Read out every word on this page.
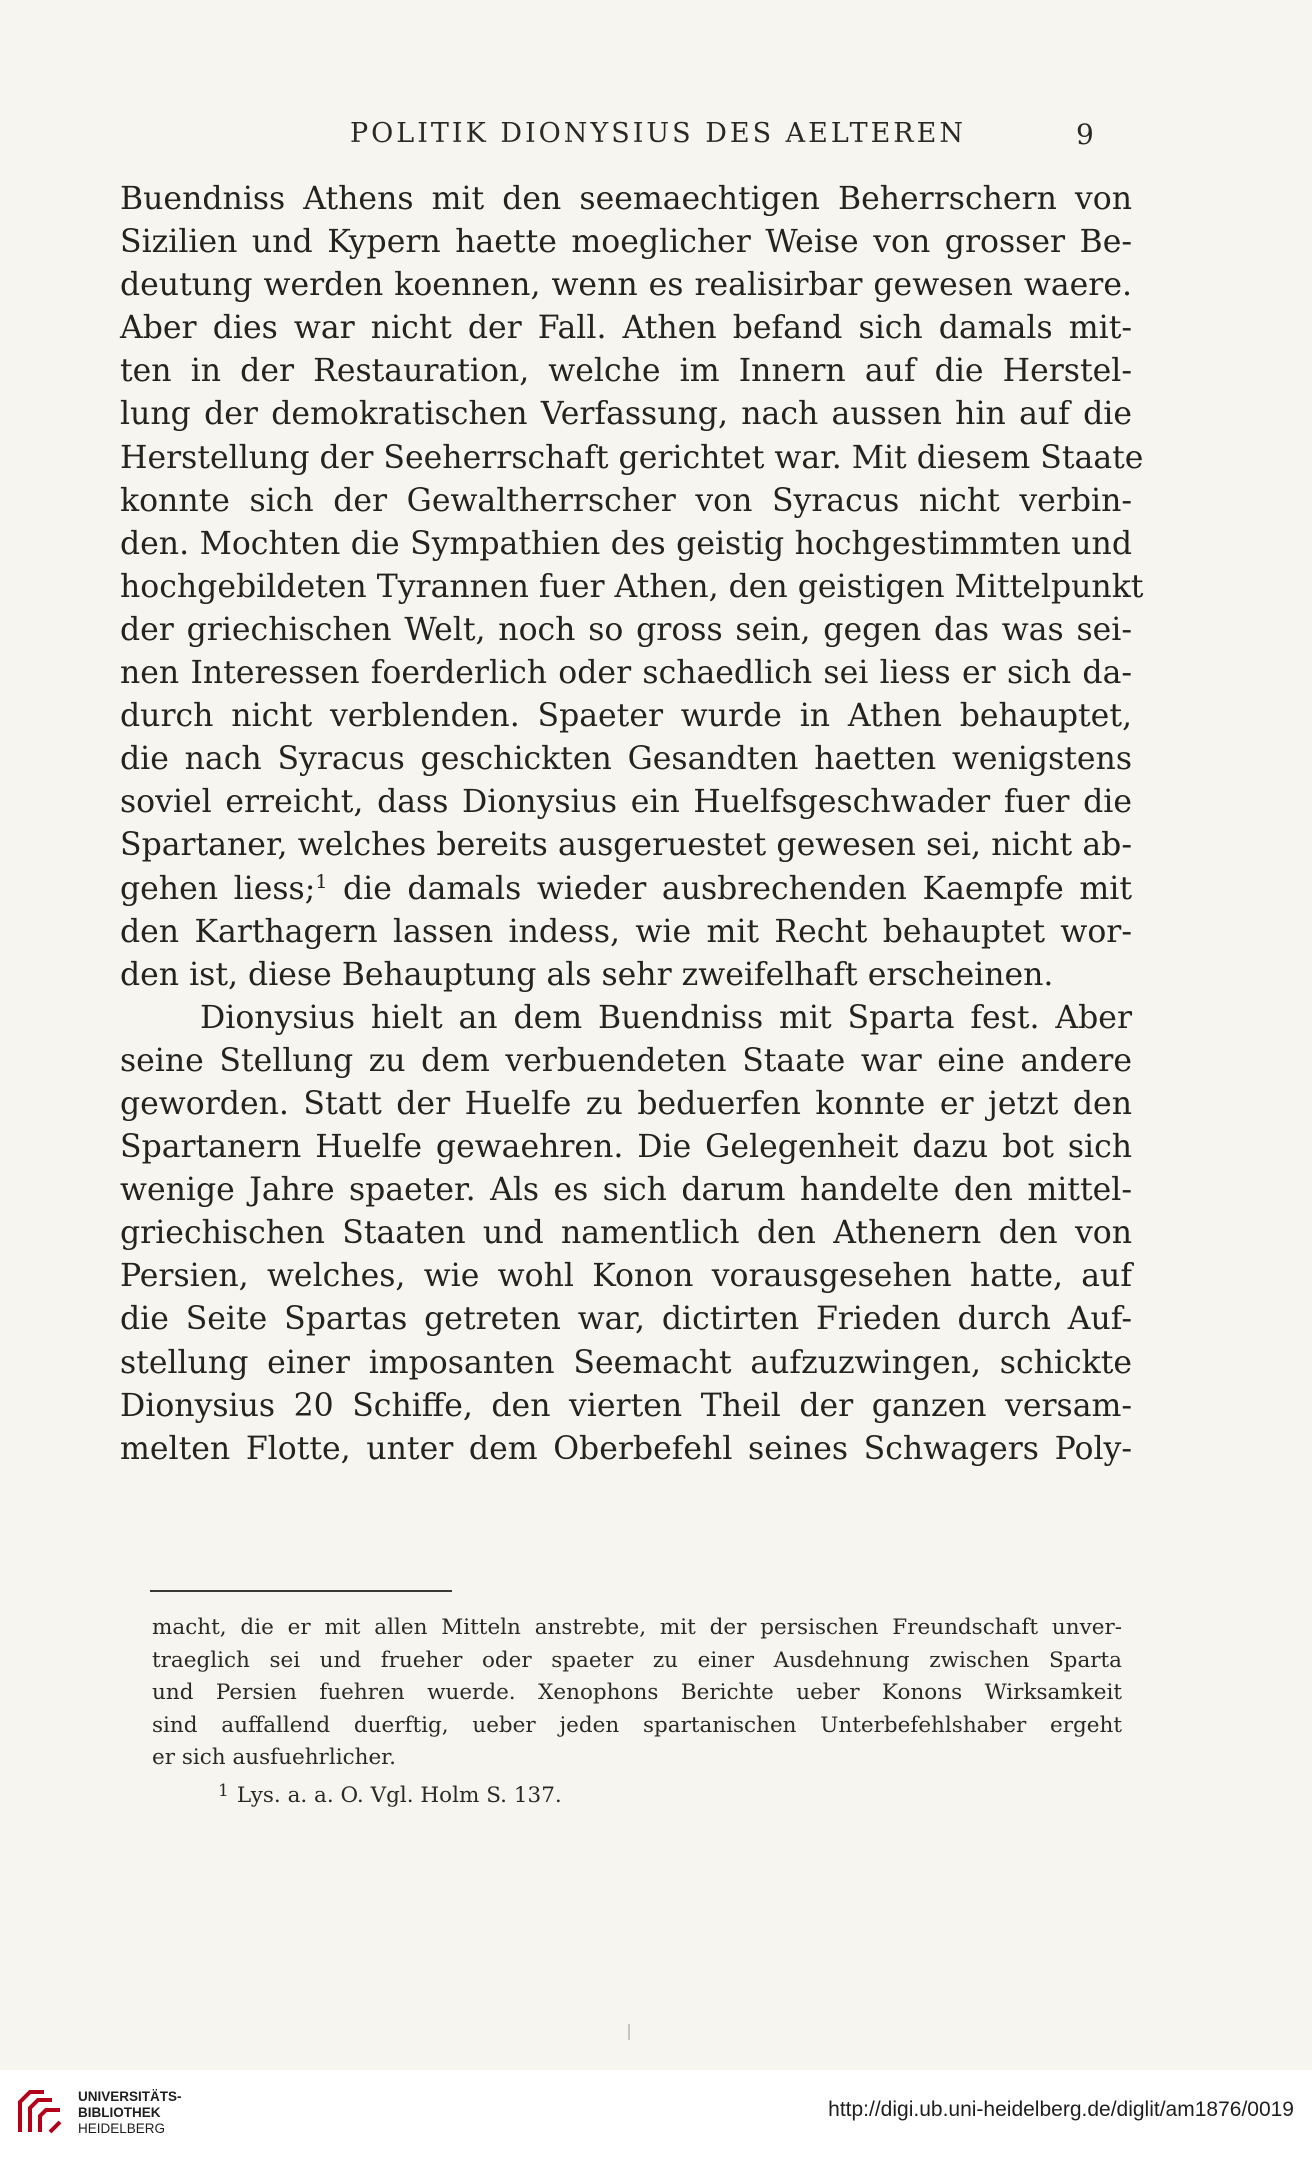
POLITIK DIONYSIUS DES AELTEREN	9
Buendniss Athens mit den seemaechtigen Beherrschern von
Sizilien und Kypern haette moeglicher Weise von grosser Be-
deutung werden koennen, wenn es realisirbar gewesen waere.
Aber dies war nicht der Fall. Athen befand sich damals mit-
ten in der Restauration, welche im Innern auf die Herstel-
lung der demokratischen Verfassung, nach aussen hin auf die
Herstellung der Seeherrschaft gerichtet war. Mit diesem Staate
konnte sich der Gewaltherrscher von Syracus nicht verbin-
den. Mochten die Sympathien des geistig hochgestimmten und
hochgebildeten Tyrannen fuer Athen, den geistigen Mittelpunkt
der griechischen Welt, noch so gross sein, gegen das was sei-
nen Interessen foerderlich oder schaedlich sei liess er sich da-
durch nicht verblenden. Spaeter wurde in Athen behauptet,
die nach Syracus geschickten Gesandten haetten wenigstens
soviel erreicht, dass Dionysius ein Huelfsgeschwader fuer die
Spartaner, welches bereits ausgeruestet gewesen sei, nicht ab-
gehen liess;$^1$ die damals wieder ausbrechenden Kaempfe mit
den Karthagern lassen indess, wie mit Recht behauptet wor-
den ist, diese Behauptung als sehr zweifelhaft erscheinen.
Dionysius hielt an dem Buendniss mit Sparta fest. Aber
seine Stellung zu dem verbuendeten Staate war eine andere
geworden. Statt der Huelfe zu beduerfen konnte er jetzt den
Spartanern Huelfe gewaehren. Die Gelegenheit dazu bot sich
wenige Jahre spaeter. Als es sich darum handelte den mittel-
griechischen Staaten und namentlich den Athenern den von
Persien, welches, wie wohl Konon vorausgesehen hatte, auf
die Seite Spartas getreten war, dictirten Frieden durch Auf-
stellung einer imposanten Seemacht aufzuzwingen, schickte
Dionysius 20 Schiffe, den vierten Theil der ganzen versam-
melten Flotte, unter dem Oberbefehl seines Schwagers Poly-
macht, die er mit allen Mitteln anstrebte, mit der persischen Freundschaft unver-
traeglich sei und frueher oder spaeter zu einer Ausdehnung zwischen Sparta
und Persien fuehren wuerde. Xenophons Berichte ueber Konons Wirksamkeit
sind auffallend duerftig, ueber jeden spartanischen Unterbefehlshaber ergeht
er sich ausfuehrlicher.
$^1$ Lys. a. a. O. Vgl. Holm S. 137.
UNIVERSITÄTS-
BIBLIOTHEK
HEIDELBERG
http://digi.ub.uni-heidelberg.de/diglit/am1876/0019
